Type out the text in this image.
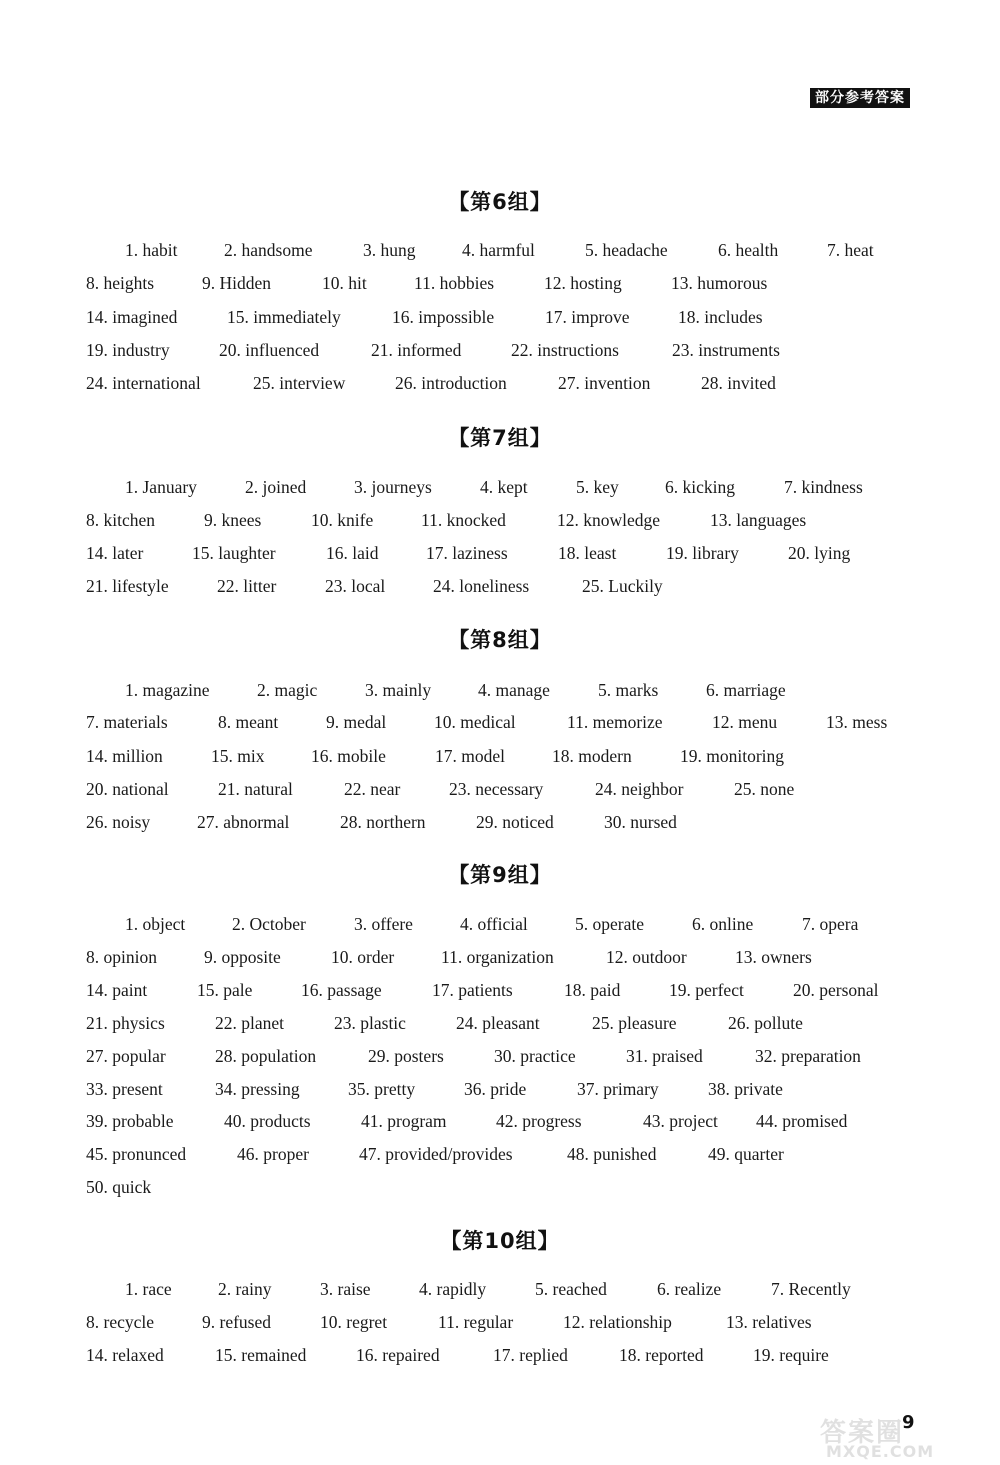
部分参考答案
【第6组】
1. habit	2. handsome	3. hung	4. harmful	5. headache	6. health	7. heat
8. heights	9. Hidden	10. hit	11. hobbies	12. hosting	13. humorous
14. imagined	15. immediately	16. impossible	17. improve	18. includes
19. industry	20. influenced	21. informed	22. instructions	23. instruments
24. international	25. interview	26. introduction	27. invention	28. invited
【第7组】
1. January	2. joined	3. journeys	4. kept	5. key	6. kicking	7. kindness
8. kitchen	9. knees	10. knife	11. knocked	12. knowledge	13. languages
14. later	15. laughter	16. laid	17. laziness	18. least	19. library	20. lying
21. lifestyle	22. litter	23. local	24. loneliness	25. Luckily
【第8组】
1. magazine	2. magic	3. mainly	4. manage	5. marks	6. marriage
7. materials	8. meant	9. medal	10. medical	11. memorize	12. menu	13. mess
14. million	15. mix	16. mobile	17. model	18. modern	19. monitoring
20. national	21. natural	22. near	23. necessary	24. neighbor	25. none
26. noisy	27. abnormal	28. northern	29. noticed	30. nursed
【第9组】
1. object	2. October	3. offere	4. official	5. operate	6. online	7. opera
8. opinion	9. opposite	10. order	11. organization	12. outdoor	13. owners
14. paint	15. pale	16. passage	17. patients	18. paid	19. perfect	20. personal
21. physics	22. planet	23. plastic	24. pleasant	25. pleasure	26. pollute
27. popular	28. population	29. posters	30. practice	31. praised	32. preparation
33. present	34. pressing	35. pretty	36. pride	37. primary	38. private
39. probable	40. products	41. program	42. progress	43. project 44. promised
45. pronunced	46. proper	47. provided/provides	48. punished	49. quarter
50. quick
【第10组】
1. race	2. rainy	3. raise	4. rapidly	5. reached	6. realize	7. Recently
8. recycle	9. refused	10. regret	11. regular	12. relationship	13. relatives
14. relaxed	15. remained	16. repaired	17. replied	18. reported	19. require
答案圈
MXQE.COM
9
